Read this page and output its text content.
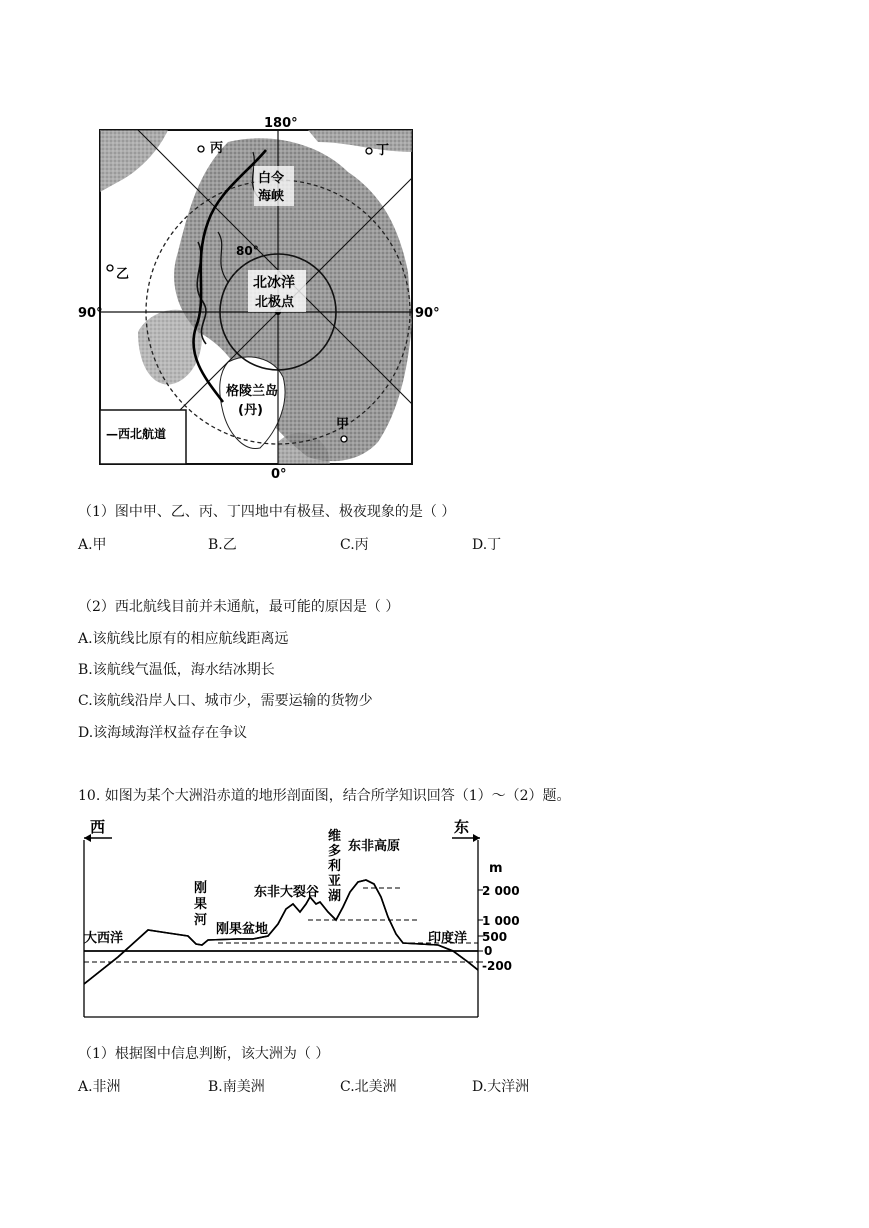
180°
90°	90°
0°
80°
白令
海峡
北冰洋
北极点
格陵兰岛
(丹)
甲
乙
丙	丁
—西北航道
（1）图中甲、乙、丙、丁四地中有极昼、极夜现象的是（ ）
A.甲	B.乙	C.丙	D.丁
（2）西北航线目前并未通航，最可能的原因是（ ）
A.该航线比原有的相应航线距离远
B.该航线气温低，海水结冰期长
C.该航线沿岸人口、城市少，需要运输的货物少
D.该海域海洋权益存在争议
10. 如图为某个大洲沿赤道的地形剖面图，结合所学知识回答（1）～（2）题。
西	东
m
2 000
1 000
500
0
-200
大西洋	印度洋
刚
果
河
刚果盆地
东非大裂谷
维
多
利
亚
湖
东非高原
（1）根据图中信息判断，该大洲为（ ）
A.非洲	B.南美洲	C.北美洲	D.大洋洲
